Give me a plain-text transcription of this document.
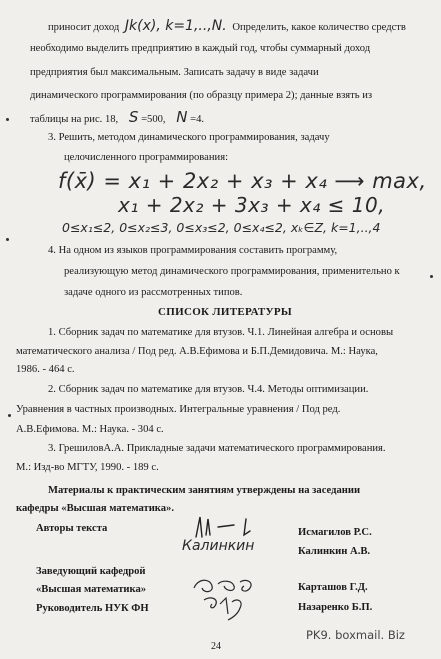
приносит доход Jk(x), k=1,..,N. Определить, какое количество средств
необходимо выделить предприятию в каждый год, чтобы суммарный доход
предприятия был максимальным. Записать задачу в виде задачи
динамического программирования (по образцу примера 2); данные взять из
таблицы на рис. 18, S =500, N =4.
3. Решить, методом динамического программирования, задачу
целочисленного программирования:
f(x̄) = x₁ + 2x₂ + x₃ + x₄ ⟶ max,
x₁ + 2x₂ + 3x₃ + x₄ ≤ 10,
0≤x₁≤2, 0≤x₂≤3, 0≤x₃≤2, 0≤x₄≤2, xₖ∈Z, k=1,..,4
4. На одном из языков программирования составить программу,
реализующую метод динамического программирования, применительно к
задаче одного из рассмотренных типов.
СПИСОК ЛИТЕРАТУРЫ
1. Сборник задач по математике для втузов. Ч.1. Линейная алгебра и основы
математического анализа / Под ред. А.В.Ефимова и Б.П.Демидовича. М.: Наука,
1986. - 464 с.
2. Сборник задач по математике для втузов. Ч.4. Методы оптимизации.
Уравнения в частных производных. Интегральные уравнения / Под ред.
А.В.Ефимова. М.: Наука. - 304 с.
3. ГрешиловА.А. Прикладные задачи математического программирования.
М.: Изд-во МГТУ, 1990. - 189 с.
Материалы к практическим занятиям утверждены на заседании
кафедры «Высшая математика».
Авторы текста	Исмагилов Р.С.
Калинкин А.В.
Калинкин
Заведующий кафедрой
«Высшая математика»
Руководитель НУК ФН
Карташов Г.Д.
Назаренко Б.П.
24
PK9. boxmail. Biz
